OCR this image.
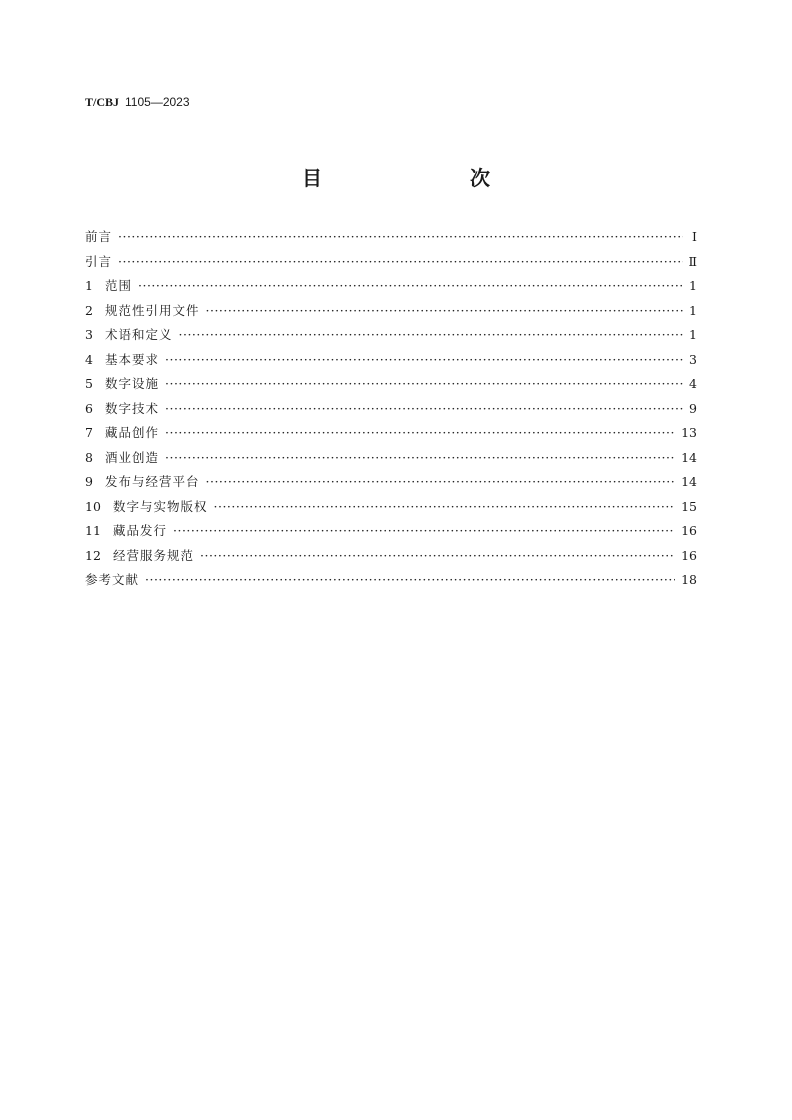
T/CBJ 1105—2023
目　　次
前言 ·····	Ⅰ
引言 ·····	Ⅱ
1 范围 ·····	1
2 规范性引用文件 ·····	1
3 术语和定义 ·····	1
4 基本要求 ·····	3
5 数字设施 ·····	4
6 数字技术 ·····	9
7 藏品创作 ·····	13
8 酒业创造 ·····	14
9 发布与经营平台 ·····	14
10 数字与实物版权 ·····	15
11 藏品发行 ·····	16
12 经营服务规范 ·····	16
参考文献 ·····	18
